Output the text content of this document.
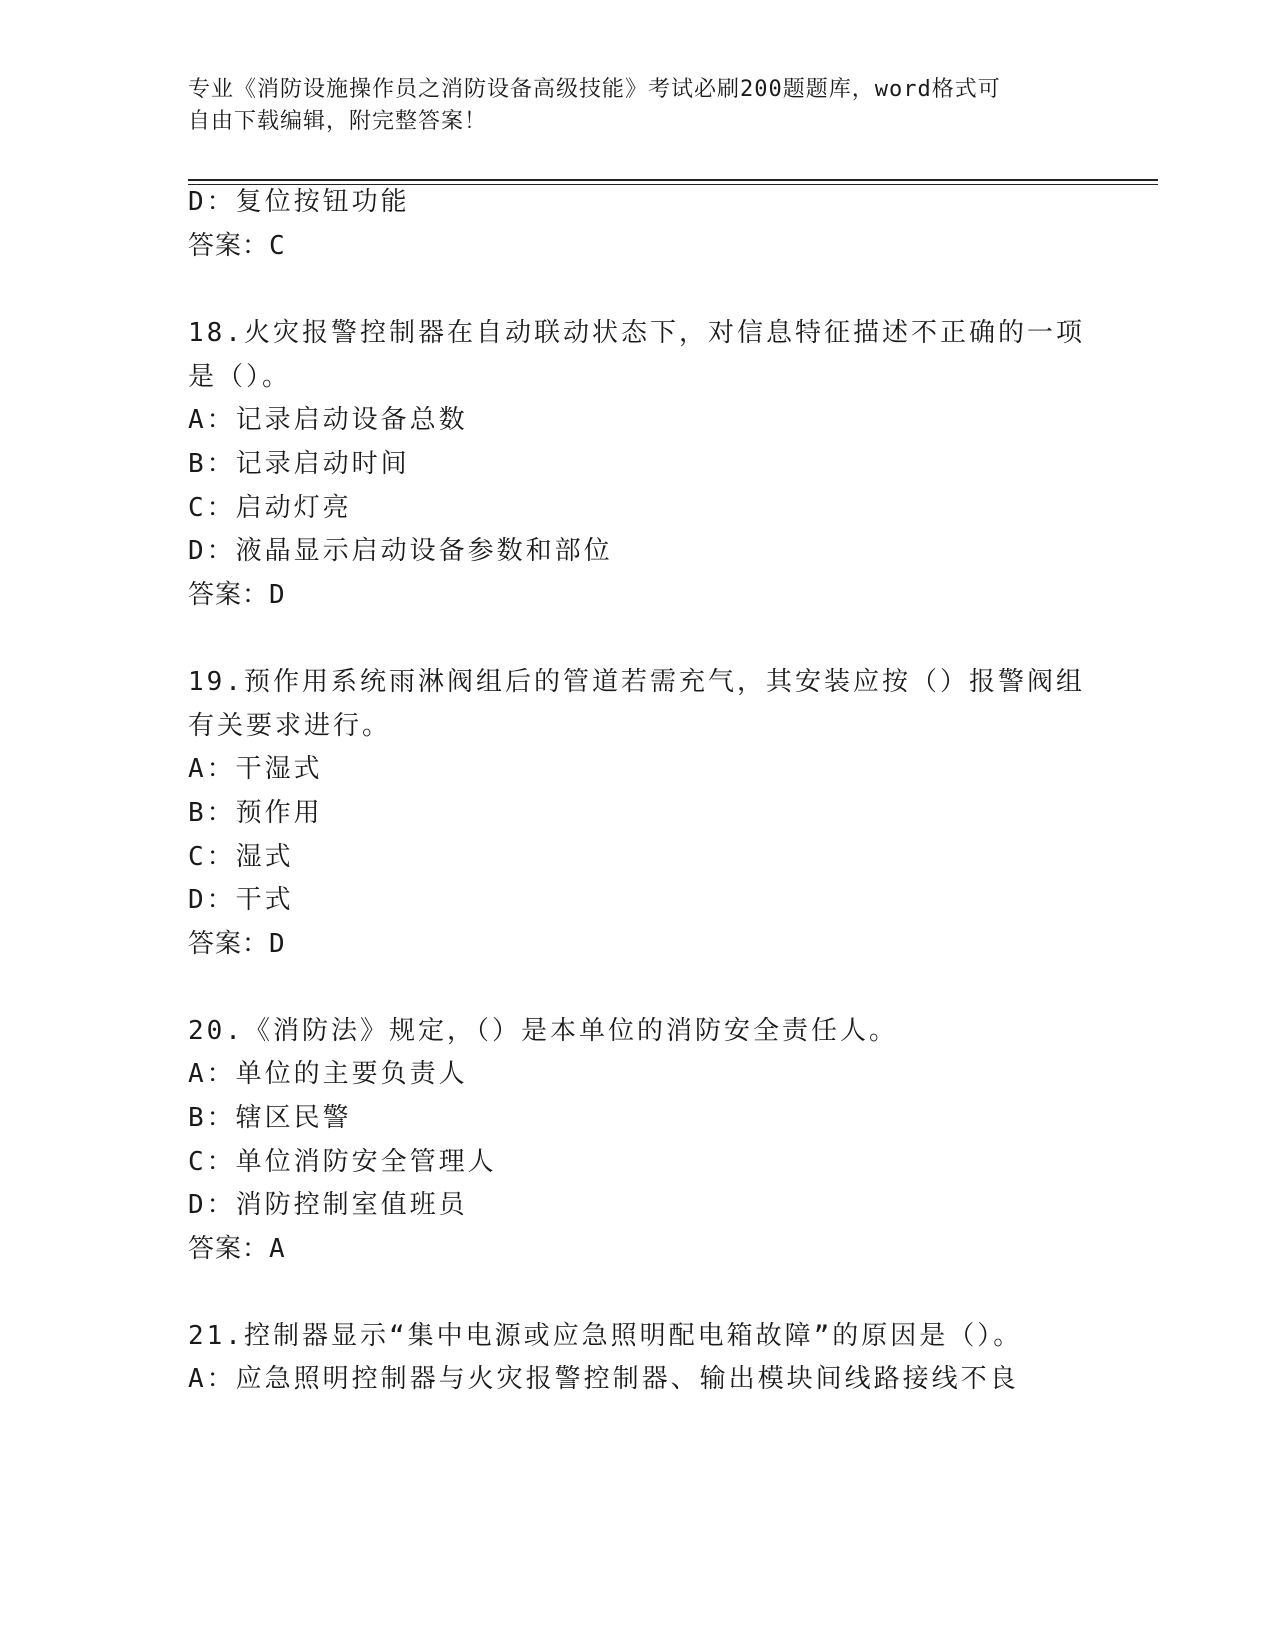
专业《消防设施操作员之消防设备高级技能》考试必刷200题题库，word格式可
自由下载编辑，附完整答案！
D：复位按钮功能
答案：C
18.火灾报警控制器在自动联动状态下，对信息特征描述不正确的一项
是（）。
A：记录启动设备总数
B：记录启动时间
C：启动灯亮
D：液晶显示启动设备参数和部位
答案：D
19.预作用系统雨淋阀组后的管道若需充气，其安装应按（）报警阀组
有关要求进行。
A：干湿式
B：预作用
C：湿式
D：干式
答案：D
20.《消防法》规定，（）是本单位的消防安全责任人。
A：单位的主要负责人
B：辖区民警
C：单位消防安全管理人
D：消防控制室值班员
答案：A
21.控制器显示“集中电源或应急照明配电箱故障”的原因是（）。
A：应急照明控制器与火灾报警控制器、输出模块间线路接线不良
